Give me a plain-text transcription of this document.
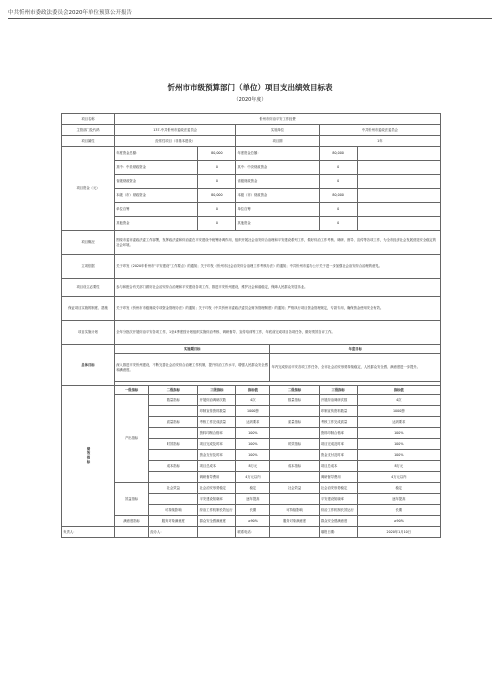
中共忻州市委政法委员会2020年单位预算公开报告
忻州市市级预算部门（单位）项目支出绩效目标表
（2020年度）
项目名称	忻州市综治平安工作经费						
主管部门及代码	137-中共忻州市委政法委员会			实施单位		中共忻州市委政法委员会	
项目属性	经常性项目（非基本建设）			项目期		1年	
项目资金（元）	年度资金总额：		80,000	年度资金总额：		80,000	
	其中：中央财政资金		0	其中：中央财政资金		0	
	省级财政资金		0	省级财政资金		0	
	本级（市）财政资金		80,000	本级（市）财政资金		80,000	
	单位自筹		0	单位自筹		0	
	其他资金		0	其他资金		0	
项目概况	围绕市委市委政法委工作部署，发挥政法委和综治委在平安建设中统筹协调作用，组织开展社会治安综合治理和平安建设系列工作，做好综治工作考核、调研、督导、宣传等各项工作，为全市经济社会发展营造安全稳定的社会环境。						
立项依据	关于印发《2020年忻州市“平安建设”工作要点》的通知；关于印发《忻州市社会治安综合治理工作考核办法》的通知；中共忻州市委办公厅关于进一步加强社会治安综合治理的意见。						
项目设立必要性	参与和配合有关部门做好社会治安综合治理和平安建设各项工作，推进平安忻州建设，维护社会和谐稳定，保障人民群众安居乐业。						
保证项目实施的制度、措施	关于印发《忻州市市级财政专项资金管理办法》的通知；关于印发《中共忻州市委政法委员会财务管理制度》的通知；严格执行项目资金管理规定，专款专用，确保资金使用安全有效。						
项目实施计划	全年分批次开展综治平安各项工作，1至4季度按计划组织实施综治考核、调研督导、宣传培训等工作，年底前完成项目各项任务，做好绩效自评工作。						
总体目标	实施期目标				年度目标		
	深入推进平安忻州建设，不断完善社会治安综合治理工作机制，提升综治工作水平，增强人民群众安全感和满意度。				年内完成综治平安各项工作任务，全市社会治安形势持续稳定，人民群众安全感、满意度进一步提升。		

绩效指标	一级指标	二级指标	三级指标	指标值	二级指标	三级指标	指标值
	产出指标	数量指标	开展综治调研次数	4次	数量指标	开展综治调研次数	4次
			印制宣传资料数量	1000册		印制宣传资料数量	1000册
		质量指标	考核工作完成质量	达到要求	质量指标	考核工作完成质量	达到要求
			资料印制合格率	100%		资料印制合格率	100%
		时效指标	项目完成及时率	100%	时效指标	项目完成及时率	100%
			资金支付及时率	100%		资金支付及时率	100%
		成本指标	项目总成本	8万元	成本指标	项目总成本	8万元
			调研督导费用	4万元以内		调研督导费用	4万元以内
	效益指标	社会效益	社会治安形势稳定	稳定	社会效益	社会治安形势稳定	稳定
			平安建设知晓率	逐年提高		平安建设知晓率	逐年提高
		可持续影响	综治工作机制长效运行	长期	可持续影响	综治工作机制长效运行	长期
	满意度指标	服务对象满意度	群众安全感满意度	≥90%	服务对象满意度	群众安全感满意度	≥90%
负责人：		经办人：		联系电话：		填报日期：	2020年1月10日
